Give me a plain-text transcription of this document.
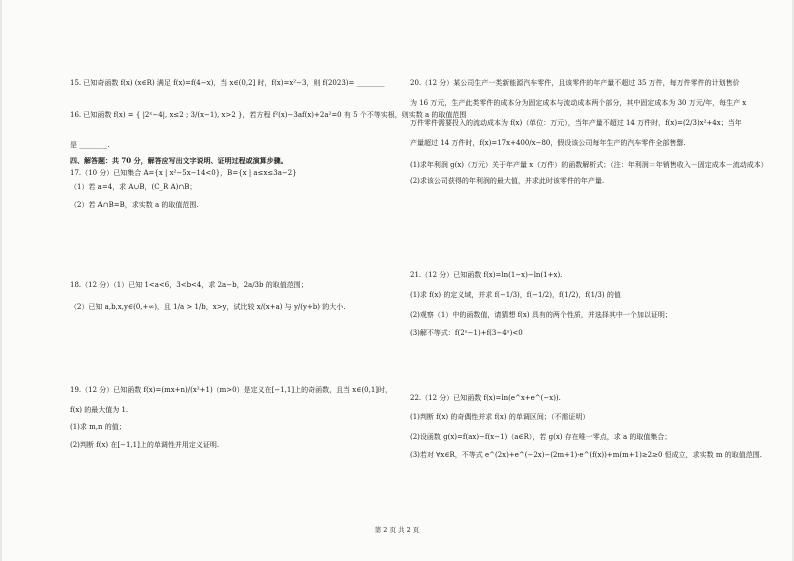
15. 已知奇函数 f(x) (x∈R) 满足 f(x)=f(4−x)，当 x∈(0,2] 时，f(x)=x²−3，则 f(2023)= ________
16. 已知函数 f(x) = { |2ˣ−4|, x≤2 ; 3/(x−1), x>2 }，若方程 f²(x)−3af(x)+2a²=0 有 5 个不等实根，则实数 a 的取值范围
是 ________.
四、解答题：共 70 分，解答应写出文字说明、证明过程或演算步骤。
17.（10 分）已知集合 A={x | x²−5x−14<0}，B={x | a≤x≤3a−2}
（1）若 a=4，求 A∪B，(C_R A)∩B；
（2）若 A∩B=B，求实数 a 的取值范围.
18.（12 分）（1）已知 1<a<6，3<b<4，求 2a−b，2a/3b 的取值范围；
（2）已知 a,b,x,y∈(0,+∞)，且 1/a > 1/b，x>y，试比较 x/(x+a) 与 y/(y+b) 的大小.
19.（12 分）已知函数 f(x)=(mx+n)/(x²+1)（m>0）是定义在[−1,1]上的奇函数，且当 x∈(0,1]时，
f(x) 的最大值为 1.
(1)求 m,n 的值；
(2)判断 f(x) 在[−1,1]上的单调性并用定义证明.
20.（12 分）某公司生产一类新能源汽车零件，且该零件的年产量不超过 35 万件，每万件零件的计划售价
为 16 万元，生产此类零件的成本分为固定成本与流动成本两个部分，其中固定成本为 30 万元/年，每生产 x
万件零件需要投入的流动成本为 f(x)（单位：万元），当年产量不超过 14 万件时，f(x)=(2/3)x²+4x；当年
产量超过 14 万件时，f(x)=17x+400/x−80，假设该公司每年生产的汽车零件全部售罄.
(1)求年利润 g(x)（万元）关于年产量 x（万件）的函数解析式；（注：年利润＝年销售收入－固定成本－流动成本）
(2)求该公司获得的年利润的最大值，并求此时该零件的年产量.
21.（12 分）已知函数 f(x)=ln(1−x)−ln(1+x).
(1)求 f(x) 的定义域，并求 f(−1/3)，f(−1/2)，f(1/2)，f(1/3) 的值
(2)观察（1）中的函数值，请猜想 f(x) 具有的两个性质，并选择其中一个加以证明；
(3)解不等式：f(2ˣ−1)+f(3−4ˣ)<0
22.（12 分）已知函数 f(x)=ln(e^x+e^(−x)).
(1)判断 f(x) 的奇偶性并求 f(x) 的单调区间；（不需证明）
(2)设函数 g(x)=f(ax)−f(x−1)（a∈R），若 g(x) 存在唯一零点，求 a 的取值集合；
(3)若对 ∀x∈R，不等式 e^(2x)+e^(−2x)−(2m+1)·e^(f(x))+m(m+1)≥2≥0 恒成立，求实数 m 的取值范围.
第 2 页 共 2 页
